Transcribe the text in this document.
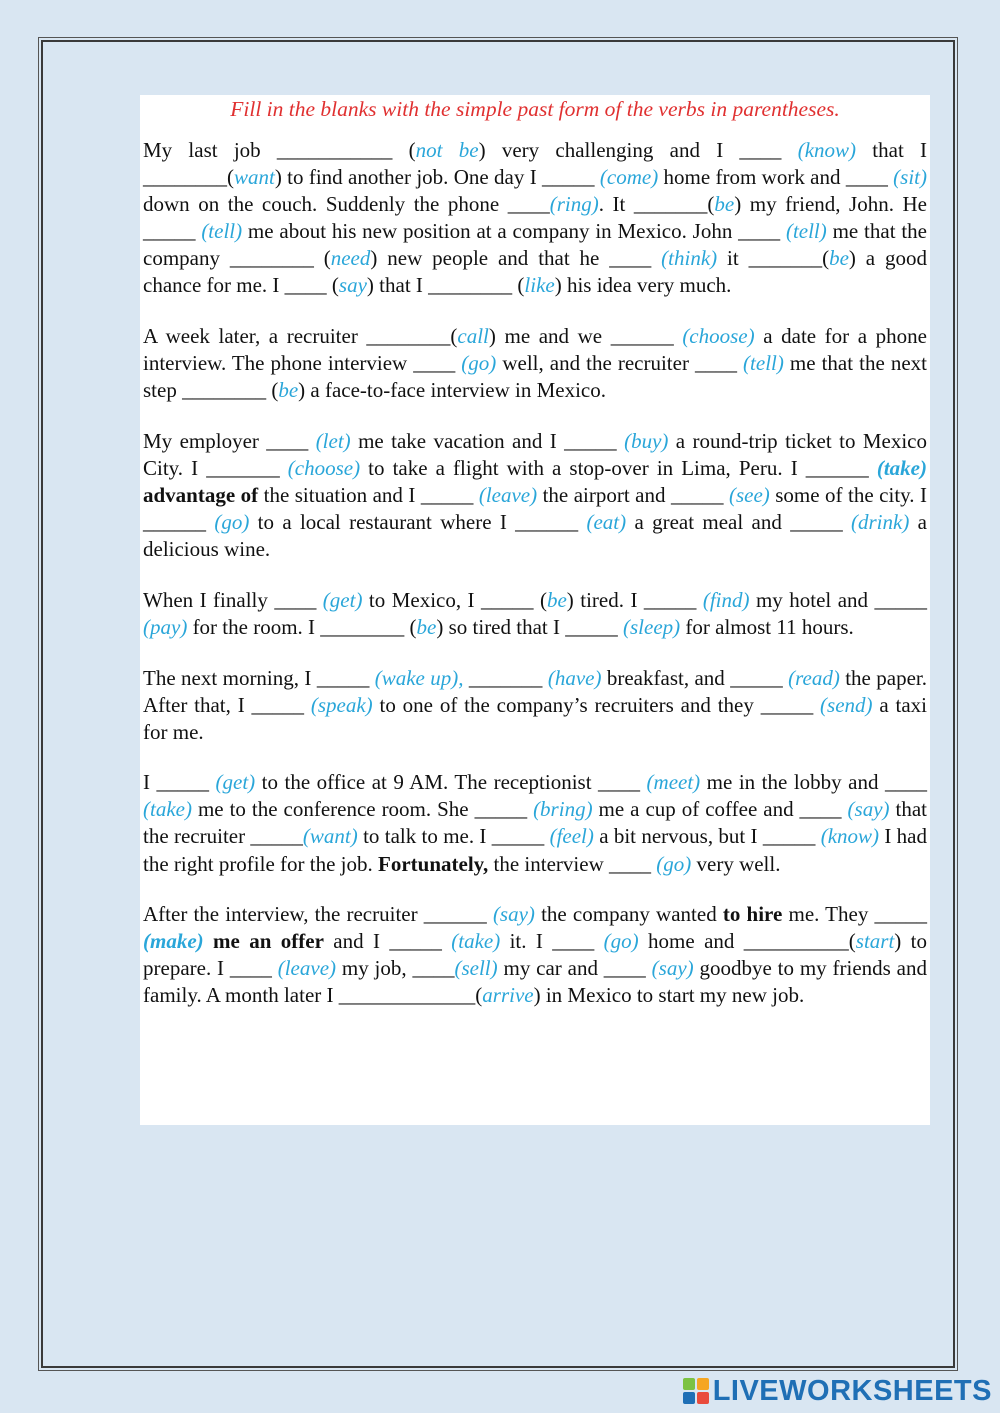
Fill in the blanks with the simple past form of the verbs in parentheses.

My last job ___________ (not be) very challenging and I ____ (know) that I ________(want) to find another job. One day I _____ (come) home from work and ____ (sit) down on the couch. Suddenly the phone ____(ring). It _______(be) my friend, John. He _____ (tell) me about his new position at a company in Mexico. John ____ (tell) me that the company ________ (need) new people and that he ____ (think) it _______(be) a good chance for me. I ____ (say) that I ________ (like) his idea very much.

A week later, a recruiter ________(call) me and we ______ (choose) a date for a phone interview. The phone interview ____ (go) well, and the recruiter ____ (tell) me that the next step ________ (be) a face-to-face interview in Mexico.

My employer ____ (let) me take vacation and I _____ (buy) a round-trip ticket to Mexico City. I _______ (choose) to take a flight with a stop-over in Lima, Peru. I ______ (take) advantage of the situation and I _____ (leave) the airport and _____ (see) some of the city. I ______ (go) to a local restaurant where I ______ (eat) a great meal and _____ (drink) a delicious wine.

When I finally ____ (get) to Mexico, I _____ (be) tired. I _____ (find) my hotel and _____ (pay) for the room. I ________ (be) so tired that I _____ (sleep) for almost 11 hours.

The next morning, I _____ (wake up), _______ (have) breakfast, and _____ (read) the paper. After that, I _____ (speak) to one of the company’s recruiters and they _____ (send) a taxi for me.

I _____ (get) to the office at 9 AM. The receptionist ____ (meet) me in the lobby and ____ (take) me to the conference room. She _____ (bring) me a cup of coffee and ____ (say) that the recruiter _____(want) to talk to me. I _____ (feel) a bit nervous, but I _____ (know) I had the right profile for the job. Fortunately, the interview ____ (go) very well.

After the interview, the recruiter ______ (say) the company wanted to hire me. They _____ (make) me an offer and I _____ (take) it. I ____ (go) home and __________(start) to prepare. I ____ (leave) my job, ____(sell) my car and ____ (say) goodbye to my friends and family. A month later I _____________(arrive) in Mexico to start my new job.

LIVEWORKSHEETS
